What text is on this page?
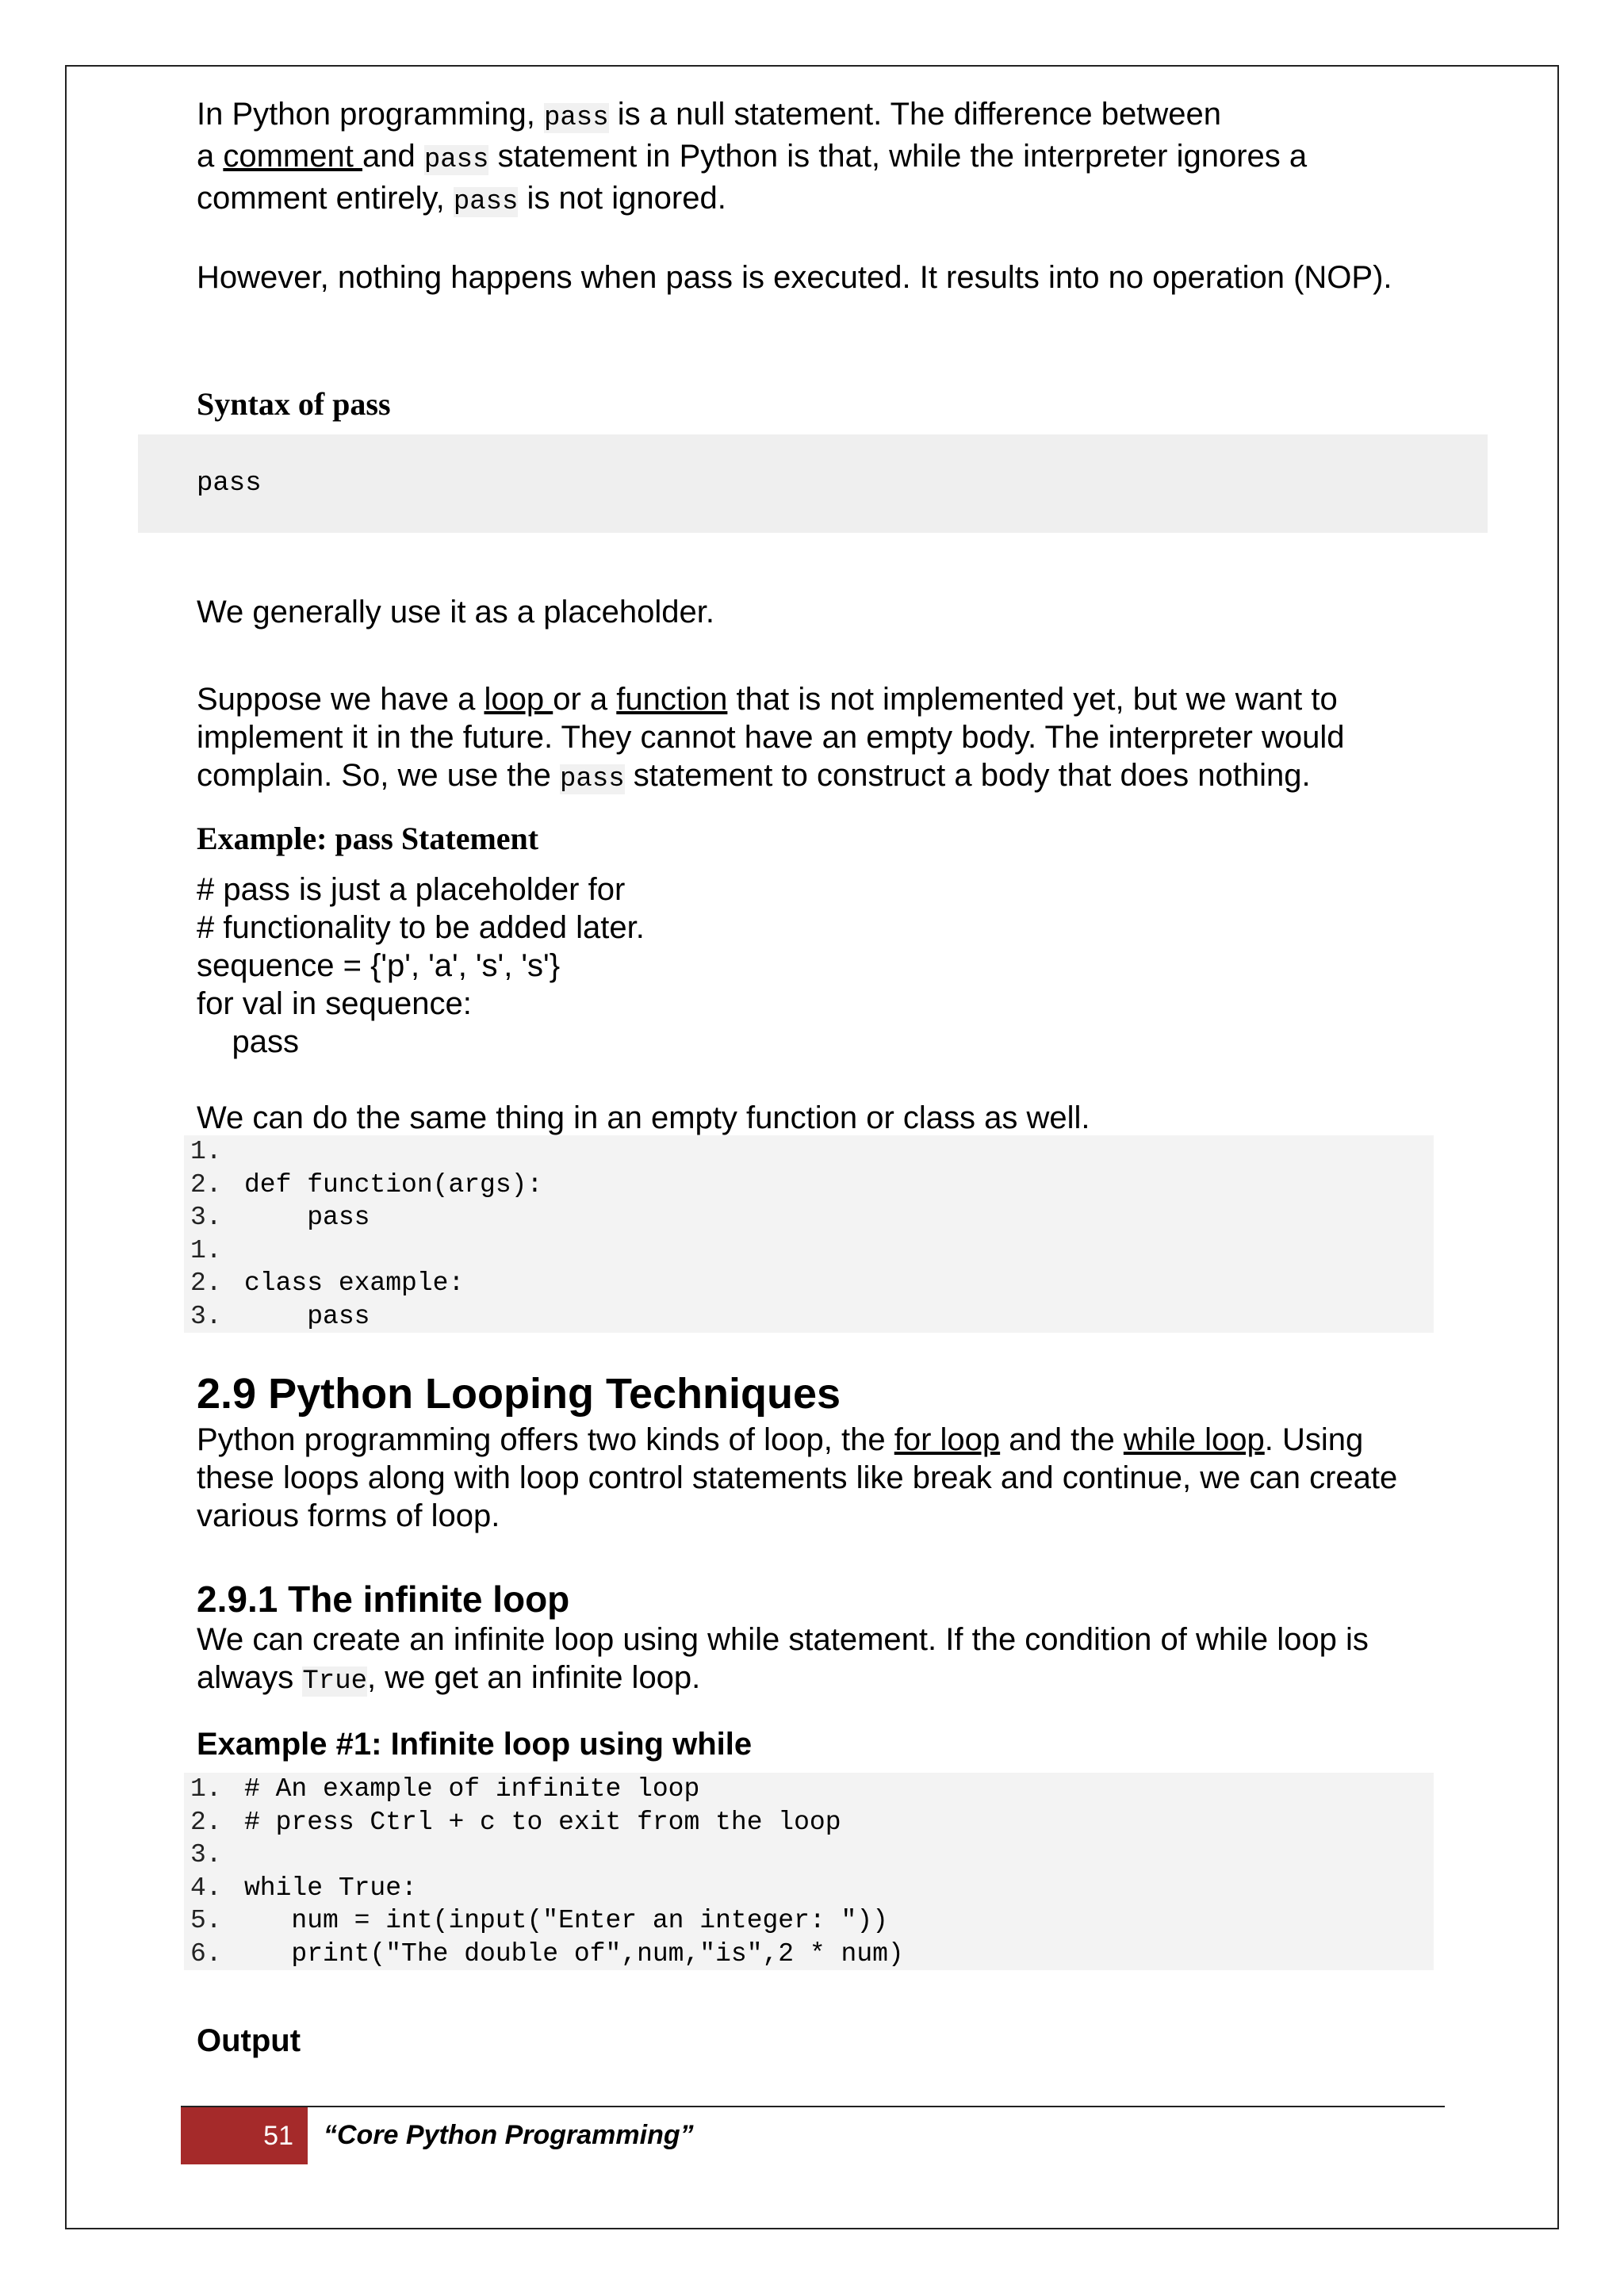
In Python programming, pass is a null statement. The difference between
a comment and pass statement in Python is that, while the interpreter ignores a
comment entirely, pass is not ignored.

However, nothing happens when pass is executed. It results into no operation (NOP).

Syntax of pass

pass

We generally use it as a placeholder.

Suppose we have a loop or a function that is not implemented yet, but we want to implement it in the future. They cannot have an empty body. The interpreter would complain. So, we use the pass statement to construct a body that does nothing.

Example: pass Statement

# pass is just a placeholder for
# functionality to be added later.
sequence = {'p', 'a', 's', 's'}
for val in sequence:
pass

We can do the same thing in an empty function or class as well.

1.
2. def function(args):
3.    pass
1.
2. class example:
3.    pass

2.9 Python Looping Techniques

Python programming offers two kinds of loop, the for loop and the while loop. Using these loops along with loop control statements like break and continue, we can create various forms of loop.

2.9.1 The infinite loop

We can create an infinite loop using while statement. If the condition of while loop is always True, we get an infinite loop.

Example #1: Infinite loop using while

1. # An example of infinite loop
2. # press Ctrl + c to exit from the loop
3.
4. while True:
5.   num = int(input("Enter an integer: "))
6.   print("The double of",num,"is",2 * num)

Output

51 “Core Python Programming”
